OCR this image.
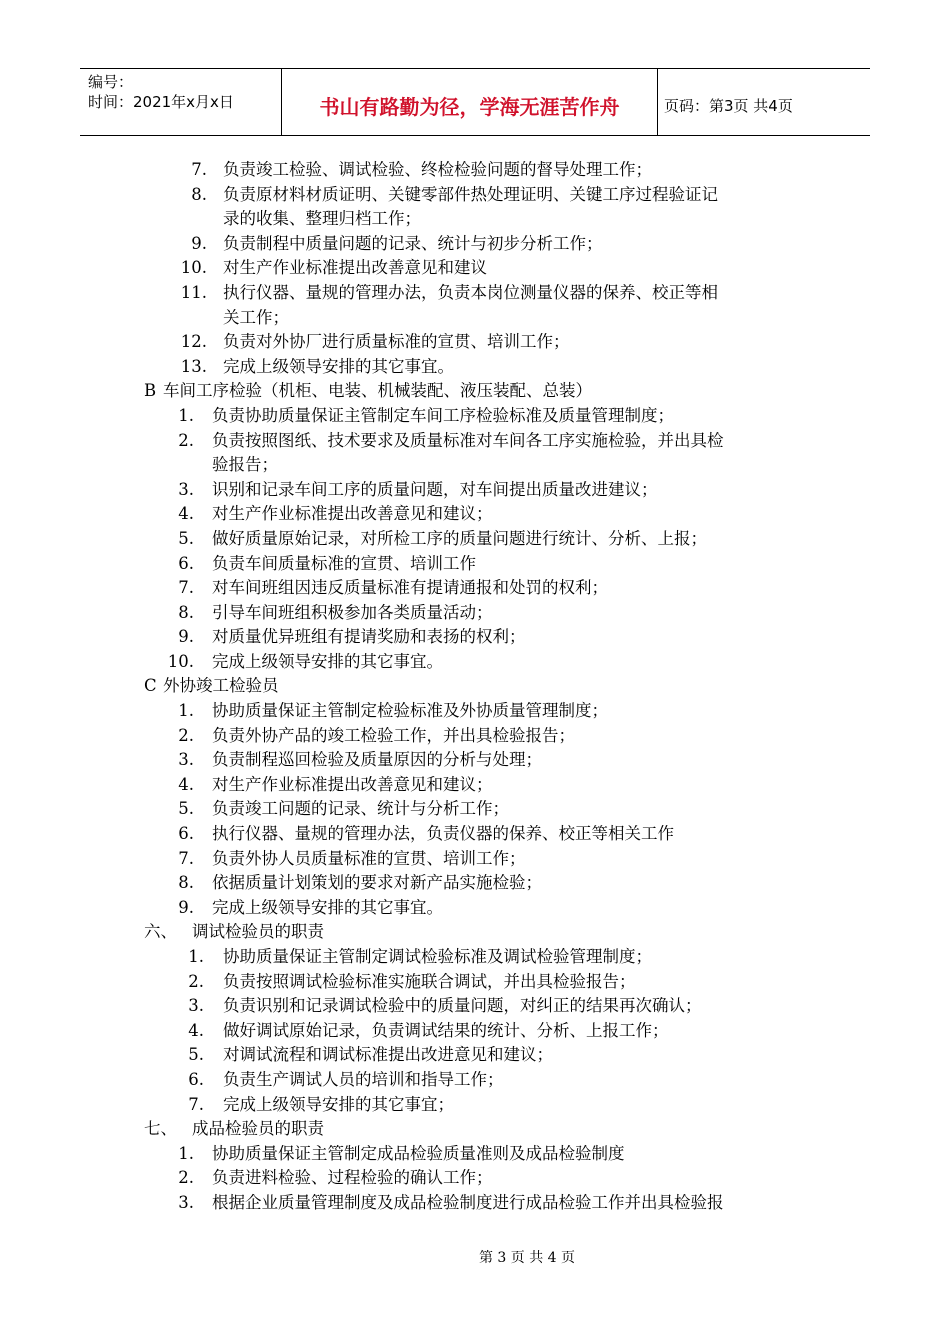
编号：
时间：2021年x月x日	书山有路勤为径，学海无涯苦作舟	页码：第3页 共4页
7. 负责竣工检验、调试检验、终检检验问题的督导处理工作；
8. 负责原材料材质证明、关键零部件热处理证明、关键工序过程验证记
录的收集、整理归档工作；
9. 负责制程中质量问题的记录、统计与初步分析工作；
10. 对生产作业标准提出改善意见和建议
11. 执行仪器、量规的管理办法，负责本岗位测量仪器的保养、校正等相
关工作；
12. 负责对外协厂进行质量标准的宣贯、培训工作；
13. 完成上级领导安排的其它事宜。
B 车间工序检验（机柜、电装、机械装配、液压装配、总装）
1. 负责协助质量保证主管制定车间工序检验标准及质量管理制度；
2. 负责按照图纸、技术要求及质量标准对车间各工序实施检验，并出具检
验报告；
3. 识别和记录车间工序的质量问题，对车间提出质量改进建议；
4. 对生产作业标准提出改善意见和建议；
5. 做好质量原始记录，对所检工序的质量问题进行统计、分析、上报；
6. 负责车间质量标准的宣贯、培训工作
7. 对车间班组因违反质量标准有提请通报和处罚的权利；
8. 引导车间班组积极参加各类质量活动；
9. 对质量优异班组有提请奖励和表扬的权利；
10. 完成上级领导安排的其它事宜。
C 外协竣工检验员
1. 协助质量保证主管制定检验标准及外协质量管理制度；
2. 负责外协产品的竣工检验工作，并出具检验报告；
3. 负责制程巡回检验及质量原因的分析与处理；
4. 对生产作业标准提出改善意见和建议；
5. 负责竣工问题的记录、统计与分析工作；
6. 执行仪器、量规的管理办法，负责仪器的保养、校正等相关工作
7. 负责外协人员质量标准的宣贯、培训工作；
8. 依据质量计划策划的要求对新产品实施检验；
9. 完成上级领导安排的其它事宜。
六、 调试检验员的职责
1. 协助质量保证主管制定调试检验标准及调试检验管理制度；
2. 负责按照调试检验标准实施联合调试，并出具检验报告；
3. 负责识别和记录调试检验中的质量问题，对纠正的结果再次确认；
4. 做好调试原始记录，负责调试结果的统计、分析、上报工作；
5. 对调试流程和调试标准提出改进意见和建议；
6. 负责生产调试人员的培训和指导工作；
7. 完成上级领导安排的其它事宜；
七、 成品检验员的职责
1. 协助质量保证主管制定成品检验质量准则及成品检验制度
2. 负责进料检验、过程检验的确认工作；
3. 根据企业质量管理制度及成品检验制度进行成品检验工作并出具检验报
第 3 页 共 4 页
